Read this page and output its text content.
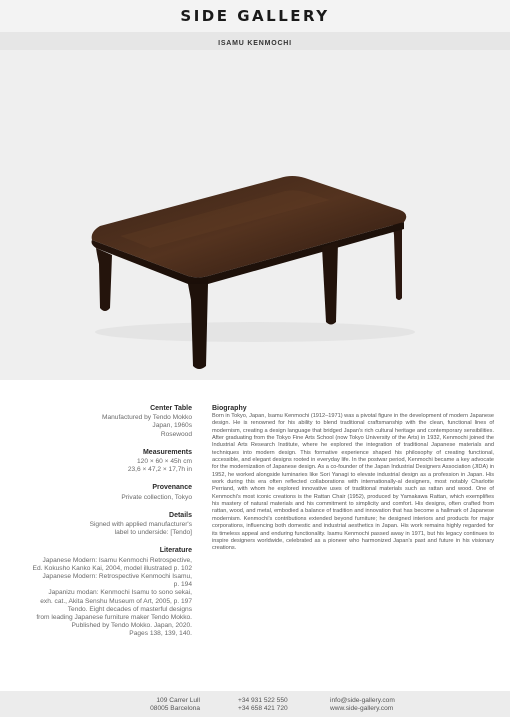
SIDE GALLERY
ISAMU KENMOCHI
Center Table
Manufactured by Tendo Mokko
Japan, 1960s
Rosewood
Measurements
120 × 60 × 45h cm
23,6 × 47,2 × 17,7h in
Provenance
Private collection, Tokyo
Details
Signed with applied manufacturer's
label to underside: [Tendo]
Literature
Japanese Modern: Isamu Kenmochi Retrospective,
Ed. Kokusho Kanko Kai, 2004, model illustrated p. 102
Japanese Modern: Retrospective Kenmochi Isamu,
p. 194
Japanizu modan: Kenmochi Isamu to sono sekai,
exh. cat., Akita Senshu Museum of Art, 2005, p. 197
Tendo. Eight decades of masterful designs
from leading Japanese furniture maker Tendo Mokko.
Published by Tendo Mokko. Japan, 2020.
Pages 138, 139, 140.
Biography

Born in Tokyo, Japan, Isamu Kenmochi (1912–1971) was a pivotal figure in the development of modern Japanese design. He is renowned for his ability to blend traditional craftsmanship with the clean, functional lines of modernism, creating a design language that bridged Japan's rich cultural heritage and contemporary sensibilities. After graduating from the Tokyo Fine Arts School (now Tokyo University of the Arts) in 1932, Kenmochi joined the Industrial Arts Research Institute, where he explored the integration of traditional Japanese materials and techniques into modern design. This formative experience shaped his philosophy of creating functional, accessible, and elegant designs rooted in everyday life. In the postwar period, Kenmochi became a key advocate for the modernization of Japanese design. As a co-founder of the Japan Industrial Designers Association (JIDA) in 1952, he worked alongside luminaries like Sori Yanagi to elevate industrial design as a profession in Japan. His work during this era often reflected collaborations with internationally-al designers, most notably Charlotte Perriand, with whom he explored innovative uses of traditional materials such as rattan and wood. One of Kenmochi's most iconic creations is the Rattan Chair (1952), produced by Yamakawa Rattan, which exemplifies his mastery of natural materials and his commitment to simplicity and comfort. His designs, often crafted from rattan, wood, and metal, embodied a balance of tradition and innovation that has become a hallmark of Japanese modernism. Kenmochi's contributions extended beyond furniture; he designed interiors and products for major corporations, influencing both domestic and industrial aesthetics in Japan. His work remains highly regarded for its timeless appeal and enduring functionality. Isamu Kenmochi passed away in 1971, but his legacy continues to inspire designers worldwide, celebrated as a pioneer who harmonized Japan's past and future in his visionary creations.

109 Carrer Lull
08005 Barcelona
+34 931 522 550
+34 658 421 720
info@side-gallery.com
www.side-gallery.com
